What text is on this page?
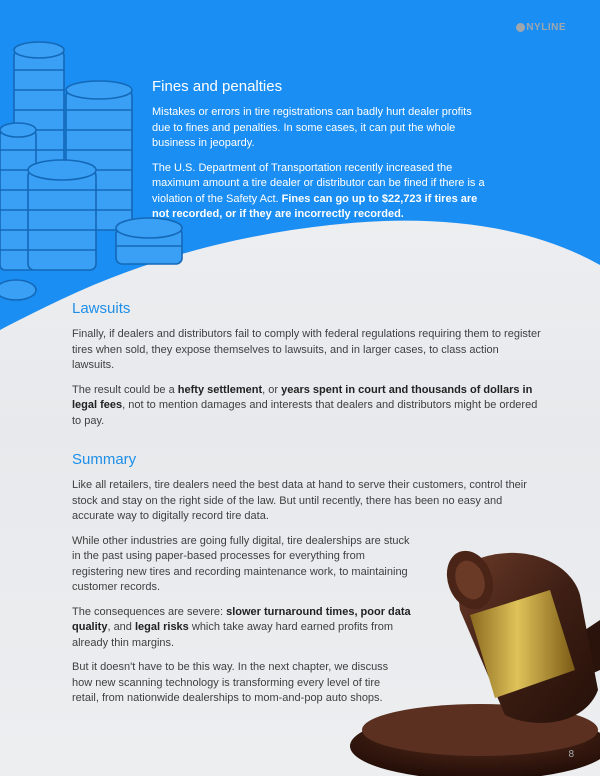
NYLINE
Fines and penalties

Mistakes or errors in tire registrations can badly hurt dealer profits due to fines and penalties. In some cases, it can put the whole business in jeopardy.

The U.S. Department of Transportation recently increased the maximum amount a tire dealer or distributor can be fined if there is a violation of the Safety Act. Fines can go up to $22,723 if tires are not recorded, or if they are incorrectly recorded.

Lawsuits

Finally, if dealers and distributors fail to comply with federal regulations requiring them to register tires when sold, they expose themselves to lawsuits, and in larger cases, to class action lawsuits.

The result could be a hefty settlement, or years spent in court and thousands of dollars in legal fees, not to mention damages and interests that dealers and distributors might be ordered to pay.

Summary

Like all retailers, tire dealers need the best data at hand to serve their customers, control their stock and stay on the right side of the law. But until recently, there has been no easy and accurate way to digitally record tire data.

While other industries are going fully digital, tire dealerships are stuck in the past using paper-based processes for everything from registering new tires and recording maintenance work, to maintaining customer records.

The consequences are severe: slower turnaround times, poor data quality, and legal risks which take away hard earned profits from already thin margins.

But it doesn't have to be this way. In the next chapter, we discuss how new scanning technology is transforming every level of tire retail, from nationwide dealerships to mom-and-pop auto shops.

8
